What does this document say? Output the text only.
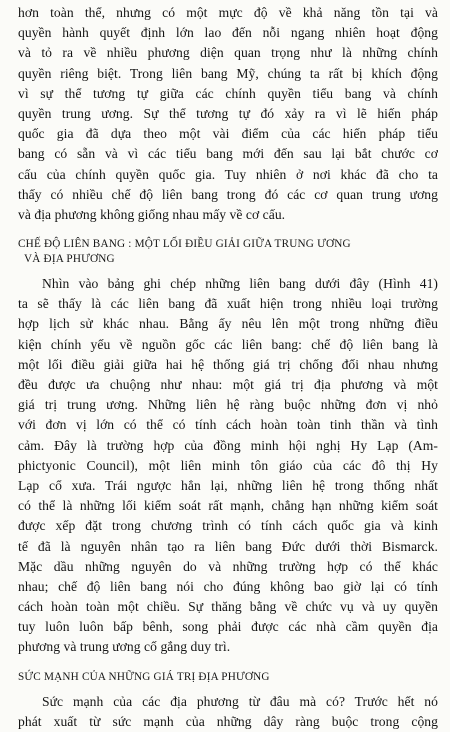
hơn toàn thể, nhưng có một mực độ về khả năng tồn tại và
quyền hành quyết định lớn lao đến nỗi ngang nhiên hoạt động
và tỏ ra về nhiều phương diện quan trọng như là những chính
quyền riêng biệt. Trong liên bang Mỹ, chúng ta rất bị khích động
vì sự thể tương tự giữa các chính quyền tiểu bang và chính
quyền trung ương. Sự thể tương tự đó xảy ra vì lẽ hiến pháp
quốc gia đã dựa theo một vài điểm của các hiến pháp tiểu
bang có sẵn và vì các tiểu bang mới đến sau lại bắt chước cơ
cấu của chính quyền quốc gia. Tuy nhiên ở nơi khác đã cho ta
thấy có nhiều chế độ liên bang trong đó các cơ quan trung ương
và địa phương không giống nhau mấy về cơ cấu.

CHẾ ĐỘ LIÊN BANG : MỘT LỐI ĐIỀU GIẢI GIỮA TRUNG ƯƠNG
VÀ ĐỊA PHƯƠNG

Nhìn vào bảng ghi chép những liên bang dưới đây (Hình 41)
ta sẽ thấy là các liên bang đã xuất hiện trong nhiều loại trường
hợp lịch sử khác nhau. Bằng ấy nêu lên một trong những điều
kiện chính yếu về nguồn gốc các liên bang: chế độ liên bang là
một lối điều giải giữa hai hệ thống giá trị chống đối nhau nhưng
đều được ưa chuộng như nhau: một giá trị địa phương và một
giá trị trung ương. Những liên hệ ràng buộc những đơn vị nhỏ
với đơn vị lớn có thể có tính cách hoàn toàn tinh thần và tình
cảm. Đây là trường hợp của đồng minh hội nghị Hy Lạp (Am-
phictyonic Council), một liên minh tôn giáo của các đô thị Hy
Lạp cổ xưa. Trái ngược hẳn lại, những liên hệ trong thống nhất
có thể là những lối kiểm soát rất mạnh, chẳng hạn những kiểm soát
được xếp đặt trong chương trình có tính cách quốc gia và kinh
tế đã là nguyên nhân tạo ra liên bang Đức dưới thời Bismarck.
Mặc dầu những nguyên do và những trường hợp có thể khác
nhau; chế độ liên bang nói cho đúng không bao giờ lại có tính
cách hoàn toàn một chiều. Sự thăng bằng về chức vụ và uy quyền
tuy luôn luôn bấp bênh, song phải được các nhà cầm quyền địa
phương và trung ương cố gắng duy trì.

SỨC MẠNH CỦA NHỮNG GIÁ TRỊ ĐỊA PHƯƠNG

Sức mạnh của các địa phương từ đâu mà có? Trước hết nó
phát xuất từ sức mạnh của những dây ràng buộc trong cộng
